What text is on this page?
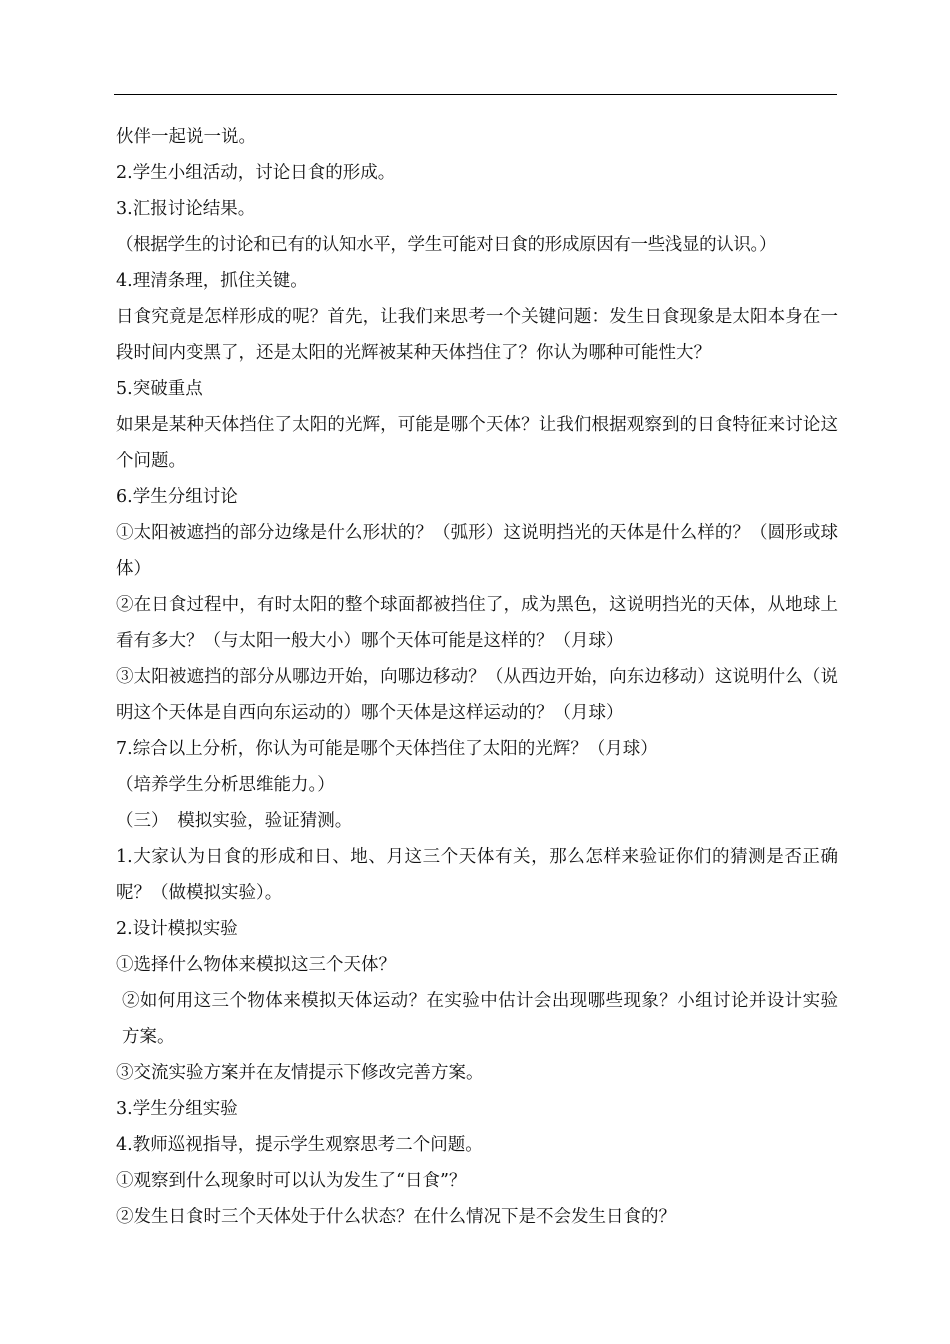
伙伴一起说一说。

2.学生小组活动，讨论日食的形成。

3.汇报讨论结果。

（根据学生的讨论和已有的认知水平，学生可能对日食的形成原因有一些浅显的认识。）

4.理清条理，抓住关键。

日食究竟是怎样形成的呢？首先，让我们来思考一个关键问题：发生日食现象是太阳本身在一段时间内变黑了，还是太阳的光辉被某种天体挡住了？你认为哪种可能性大？

5.突破重点

如果是某种天体挡住了太阳的光辉，可能是哪个天体？让我们根据观察到的日食特征来讨论这个问题。

6.学生分组讨论

①太阳被遮挡的部分边缘是什么形状的？（弧形）这说明挡光的天体是什么样的？（圆形或球体）

②在日食过程中，有时太阳的整个球面都被挡住了，成为黑色，这说明挡光的天体，从地球上看有多大？（与太阳一般大小）哪个天体可能是这样的？（月球）

③太阳被遮挡的部分从哪边开始，向哪边移动？（从西边开始，向东边移动）这说明什么（说明这个天体是自西向东运动的）哪个天体是这样运动的？（月球）

7.综合以上分析，你认为可能是哪个天体挡住了太阳的光辉？（月球）

（培养学生分析思维能力。）

（三）　模拟实验，验证猜测。

1.大家认为日食的形成和日、地、月这三个天体有关，那么怎样来验证你们的猜测是否正确呢？（做模拟实验）。

2.设计模拟实验

①选择什么物体来模拟这三个天体？

②如何用这三个物体来模拟天体运动？在实验中估计会出现哪些现象？小组讨论并设计实验方案。

③交流实验方案并在友情提示下修改完善方案。

3.学生分组实验

4.教师巡视指导，提示学生观察思考二个问题。

①观察到什么现象时可以认为发生了“日食”？

②发生日食时三个天体处于什么状态？在什么情况下是不会发生日食的？
